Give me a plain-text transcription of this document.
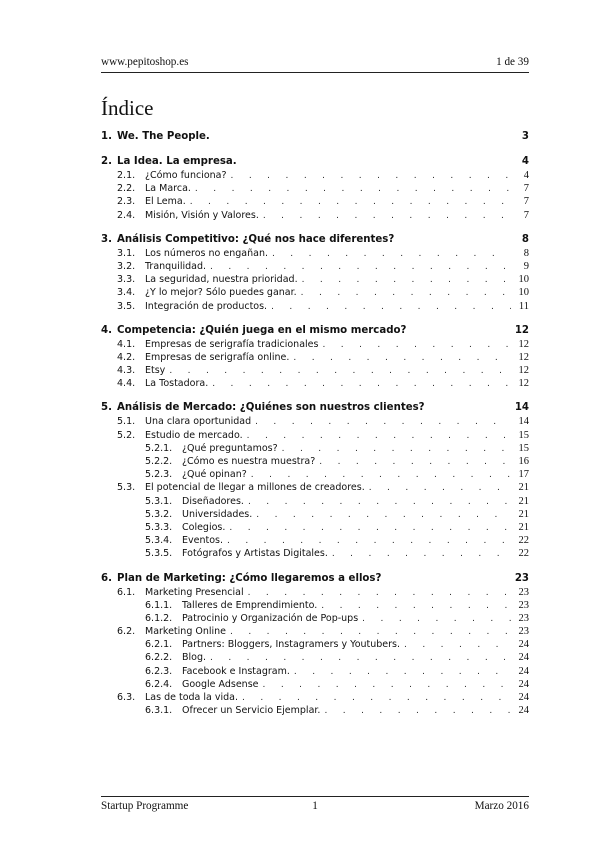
www.pepitoshop.es	1 de 39
Índice
1. We. The People.	3
2. La Idea. La empresa.	4
2.1.	¿Cómo funciona? . . .	4
2.2.	La Marca. . . .	7
2.3.	El Lema. . . .	7
2.4.	Misión, Visión y Valores. . . .	7
3. Análisis Competitivo: ¿Qué nos hace diferentes?	8
3.1.	Los números no engañan. . . .	8
3.2.	Tranquilidad. . . .	9
3.3.	La seguridad, nuestra prioridad. . . .	10
3.4.	¿Y lo mejor? Sólo puedes ganar. . . .	10
3.5.	Integración de productos. . . .	11
4. Competencia: ¿Quién juega en el mismo mercado?	12
4.1.	Empresas de serigrafía tradicionales . . .	12
4.2.	Empresas de serigrafía online. . . .	12
4.3.	Etsy . . .	12
4.4.	La Tostadora. . . .	12
5. Análisis de Mercado: ¿Quiénes son nuestros clientes?	14
5.1.	Una clara oportunidad . . .	14
5.2.	Estudio de mercado. . . .	15
5.2.1.	¿Qué preguntamos? . . .	15
5.2.2.	¿Cómo es nuestra muestra? . . .	16
5.2.3.	¿Qué opinan? . . .	17
5.3.	El potencial de llegar a millones de creadores. . . .	21
5.3.1.	Diseñadores. . . .	21
5.3.2.	Universidades. . . .	21
5.3.3.	Colegios. . . .	21
5.3.4.	Eventos. . . .	22
5.3.5.	Fotógrafos y Artistas Digitales. . . .	22
6. Plan de Marketing: ¿Cómo llegaremos a ellos?	23
6.1.	Marketing Presencial . . .	23
6.1.1.	Talleres de Emprendimiento. . . .	23
6.1.2.	Patrocinio y Organización de Pop-ups . . .	23
6.2.	Marketing Online . . .	23
6.2.1.	Partners: Bloggers, Instagramers y Youtubers. . . .	24
6.2.2.	Blog. . . .	24
6.2.3.	Facebook e Instagram. . . .	24
6.2.4.	Google Adsense . . .	24
6.3.	Las de toda la vida. . . .	24
6.3.1.	Ofrecer un Servicio Ejemplar. . . .	24
Startup Programme	1	Marzo 2016
